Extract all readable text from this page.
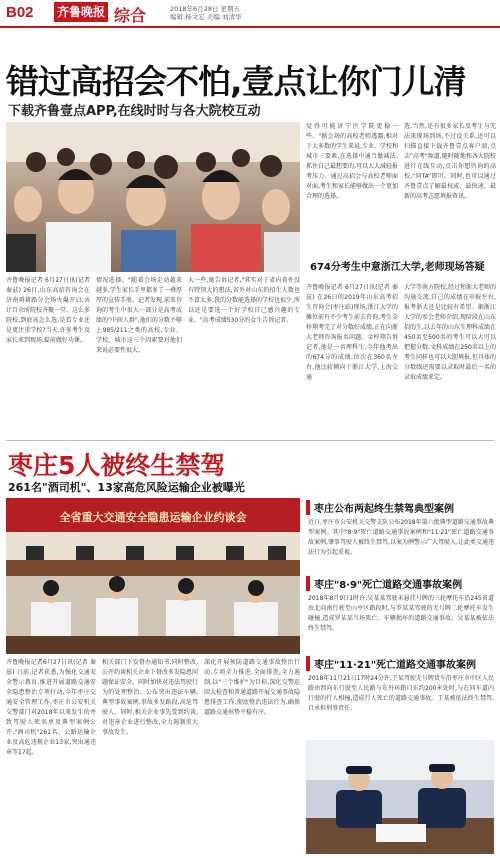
B02 齐鲁晚报 综合	2018年6月28日 星期五
编辑:杨文宏 美编:刘清华
错过高招会不怕,壹点让你门儿清
下载齐鲁壹点APP,在线时时与各大院校互动
齐鲁晚报记者 6月27日讯(记者 秦兹) 26日,山东高招咨询会在济南舜耕路分会场火爆开启,共计百余所院校齐聚一堂。这么多院校,到底该怎么选,是看专业还是更注重学校?当天,许多考生及家长来到现场,提前做好功课。
情况选择。"随着会场走动越来越多,学生家长手里都多了一叠厚厚的宣传手册。记者发现,前来咨询的考生中很大一部分是高考成绩的"中间人群",他们的分数不够上985/211之类的高校,专业、学校、城市这三个因素要对他们来说必要性很大。
大一些,她告诉记者,"其实对于省内省外没有特别大的想法,省外对山东的招生人数也不算太多,我的分数能选择的学校也很少,所以还是要选一个好学校自己感兴趣的专业。"高考成绩530分的女生告诉记者。
觉得可能济宁医学院更稳一些。"据会场的高校老师透露,相对于大多数的学生来说,专业、学校和城市三要素,在选择中通当做减法,抓住自己最想要的,可以大大减轻报考压力。通过高招会与高校老师面对面,考生和家长能够做出一个更加合理的选择。
选,当然,还有很多家长及考生与无法来现场到场,不过没关系,还可以扫描直接下载齐鲁壹点客户端,点击"高考"频道,随时随地和各大院校进行在线互动,点击你想咨询的高校,"问TA”即可。同时,也可以通过齐鲁壹点了解最权威、最快速、最新的高考志愿填报资讯。
674分考生中意浙江大学,老师现场答疑
齐鲁晚报记者 6月27日讯(记者 秦兹) 在26日的2019年山东高考招生咨询会(枣庄站)现场,浙江大学的摊位前有不少考生前去咨询,考生金梓翔考完了对分数好成绩,正在向浙大老师咨询报名问题。金梓翔告诉记者,他是一名理科生,今年他考出的674分的成绩,位次在360名左右,他比较倾向于浙江大学,上海交通
大学等南方院校,经过和浙大老师的沟通交流,自己的成绩在申报左右,报考浙大还是比较有希望。据浙江大学的参会老师介绍,现阶段在山东招的生,以去年的山东生理科成绩在450名至500名的考生可以大可以把握分数,文科成绩在250名以上的考生同样也可以大胆填报,但具体的分数线还需要以录取时最后一名的录取成绩来定。
枣庄5人被终生禁驾
261名"酒司机"、13家高危风险运输企业被曝光
全省重大交通安全隐患运输企业约谈会
齐鲁晚报记者6月27日讯(记者 秦兹) 日前,记者获悉,为强化交通安全警示教育,推进开展道路交通安全隐患整治专项行动,今年枣庄交通安全管理工作,枣庄市公安机关交警部门对2018年以来发生的并致驾驶人死名单及典型案例公开,"酒司机"261名、公路运输企业及高危违规企业13家,突出通违章等17起。
相关部门下发督办通知书,同时整改,公开约谈相关企业下督改多发隐患问题保证安全。同时加快对违法驾驶行为的处理整治。公布突出违法车辆,典型事故案例,事故多发路段,高危驾驶人。同时,相关企业事先受到约谈,对违章企业进行整改,全力遏制重大事故发生。
深化开展预防道路交通事故整治行动,专项全力推进,全面排查,全力遏制,以"三个维护"为目标,深化交警巡回大检查和普通道路开展交通事故隐患排查工作,彻底整治违法行为,确保道路交通形势平稳有序。
枣庄公布两起终生禁驾典型案例
近日,枣庄市公安机关交警支队公布2018年第六批典型道路交通事故典型案例。其中"8·9"死亡道路交通事故案例和"11·21"死亡道路交通事故案例,肇事驾驶人被终生禁驾,以案为例警示广大驾驶人,让此类交通违法行为引起重视。
枣庄"8·9"死亡道路交通事故案例
2018年8月9日1时许,吴某某驾驶未悬挂号牌的三轮摩托车沿245省道由北向南行驶至山亭区路段时,与罗某某驾驶的无号牌二轮摩托车发生碰撞,造成罗某某当场死亡、车辆损坏的道路交通事故。吴某某被依法终生禁驾。
枣庄"11·21"死亡道路交通事故案例
2018年11月21日17时24分许,王某驾驶无号牌货车沿枣庄市中区人民路由西向东行驶至人民路与东外环路口东约200米处时,与在同车道内行驶的行人相撞,造成行人死亡的道路交通事故。王某被依法终生禁驾,且承担刑事责任。
